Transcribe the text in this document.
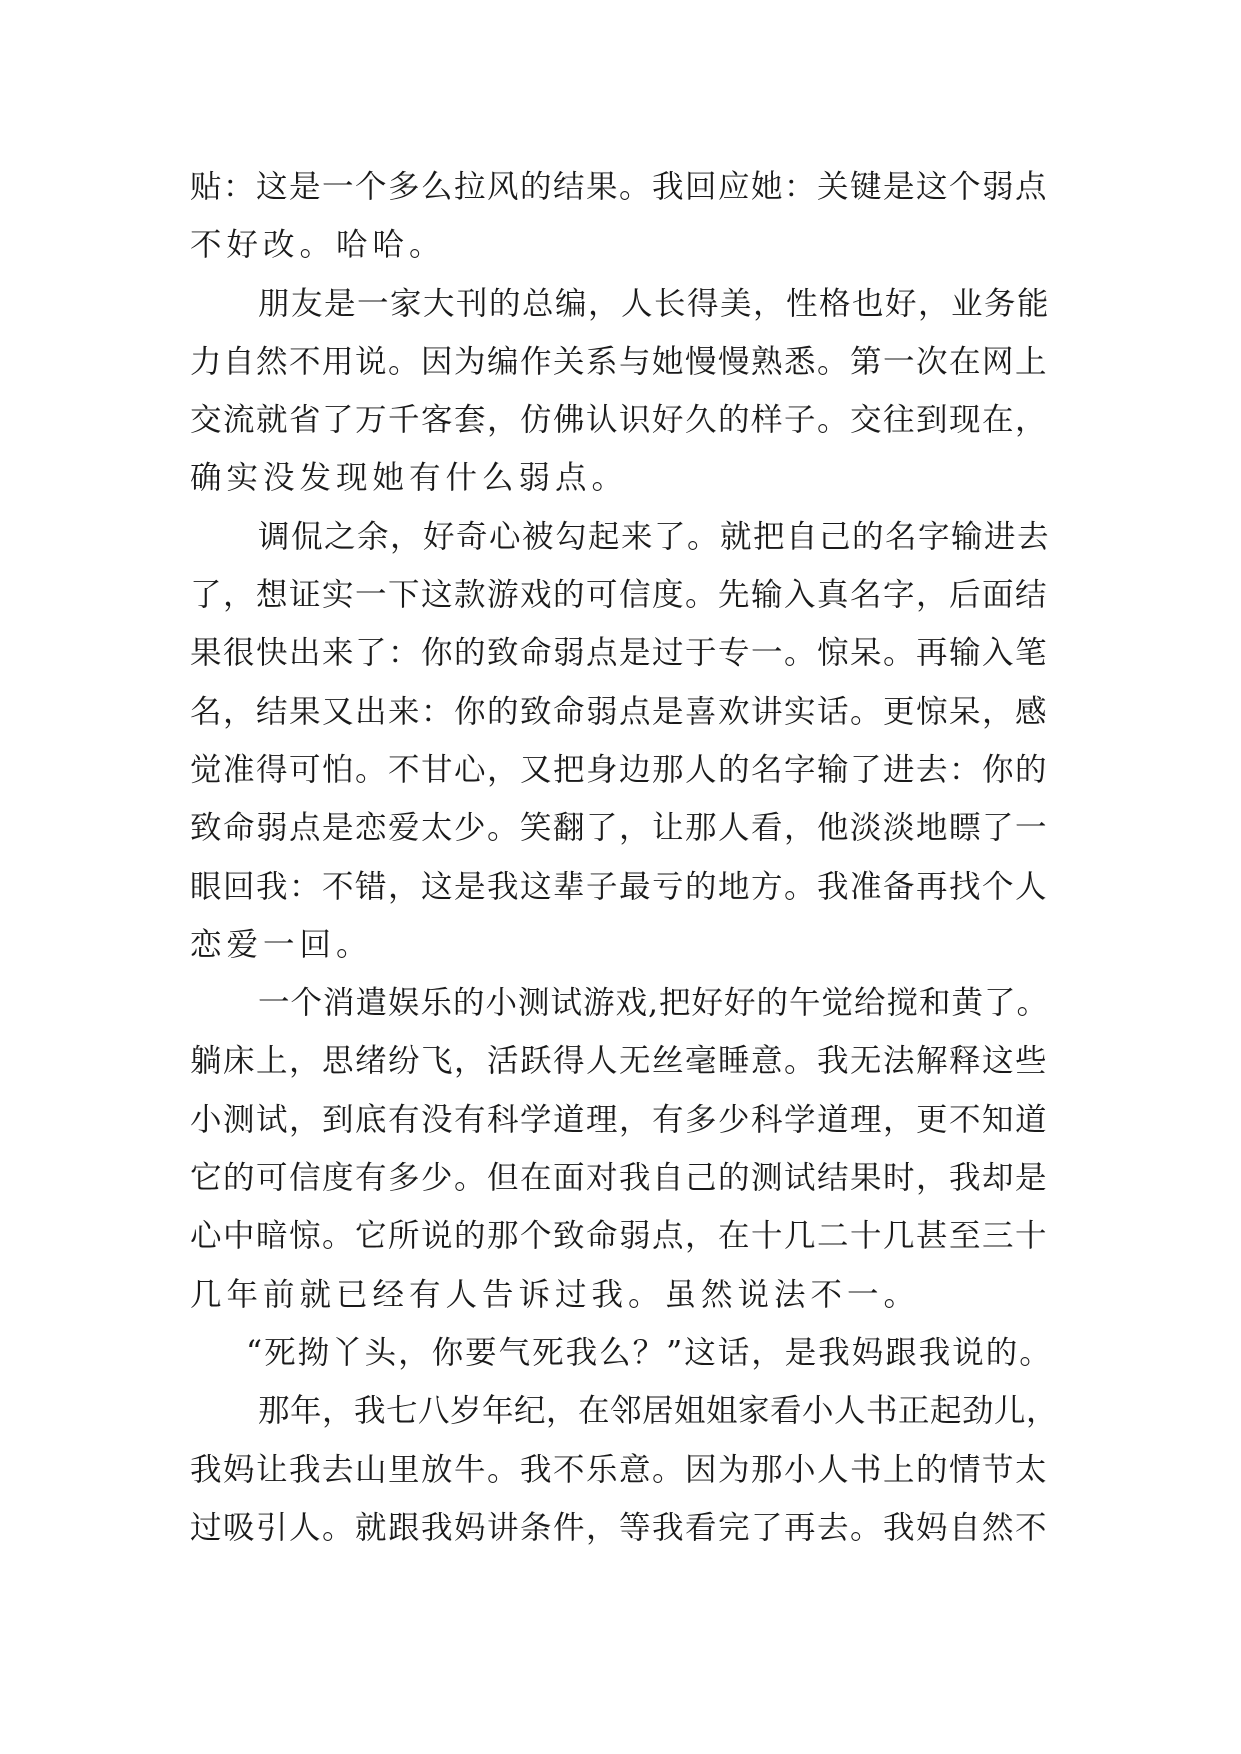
贴：这是一个多么拉风的结果。我回应她：关键是这个弱点
不好改。哈哈。
朋友是一家大刊的总编，人长得美，性格也好，业务能
力自然不用说。因为编作关系与她慢慢熟悉。第一次在网上
交流就省了万千客套，仿佛认识好久的样子。交往到现在，
确实没发现她有什么弱点。
调侃之余，好奇心被勾起来了。就把自己的名字输进去
了，想证实一下这款游戏的可信度。先输入真名字，后面结
果很快出来了：你的致命弱点是过于专一。惊呆。再输入笔
名，结果又出来：你的致命弱点是喜欢讲实话。更惊呆，感
觉准得可怕。不甘心，又把身边那人的名字输了进去：你的
致命弱点是恋爱太少。笑翻了，让那人看，他淡淡地瞟了一
眼回我：不错，这是我这辈子最亏的地方。我准备再找个人
恋爱一回。
一个消遣娱乐的小测试游戏,把好好的午觉给搅和黄了。
躺床上，思绪纷飞，活跃得人无丝毫睡意。我无法解释这些
小测试，到底有没有科学道理，有多少科学道理，更不知道
它的可信度有多少。但在面对我自己的测试结果时，我却是
心中暗惊。它所说的那个致命弱点，在十几二十几甚至三十
几年前就已经有人告诉过我。虽然说法不一。
“死拗丫头，你要气死我么？”这话，是我妈跟我说的。
那年，我七八岁年纪，在邻居姐姐家看小人书正起劲儿，
我妈让我去山里放牛。我不乐意。因为那小人书上的情节太
过吸引人。就跟我妈讲条件，等我看完了再去。我妈自然不
